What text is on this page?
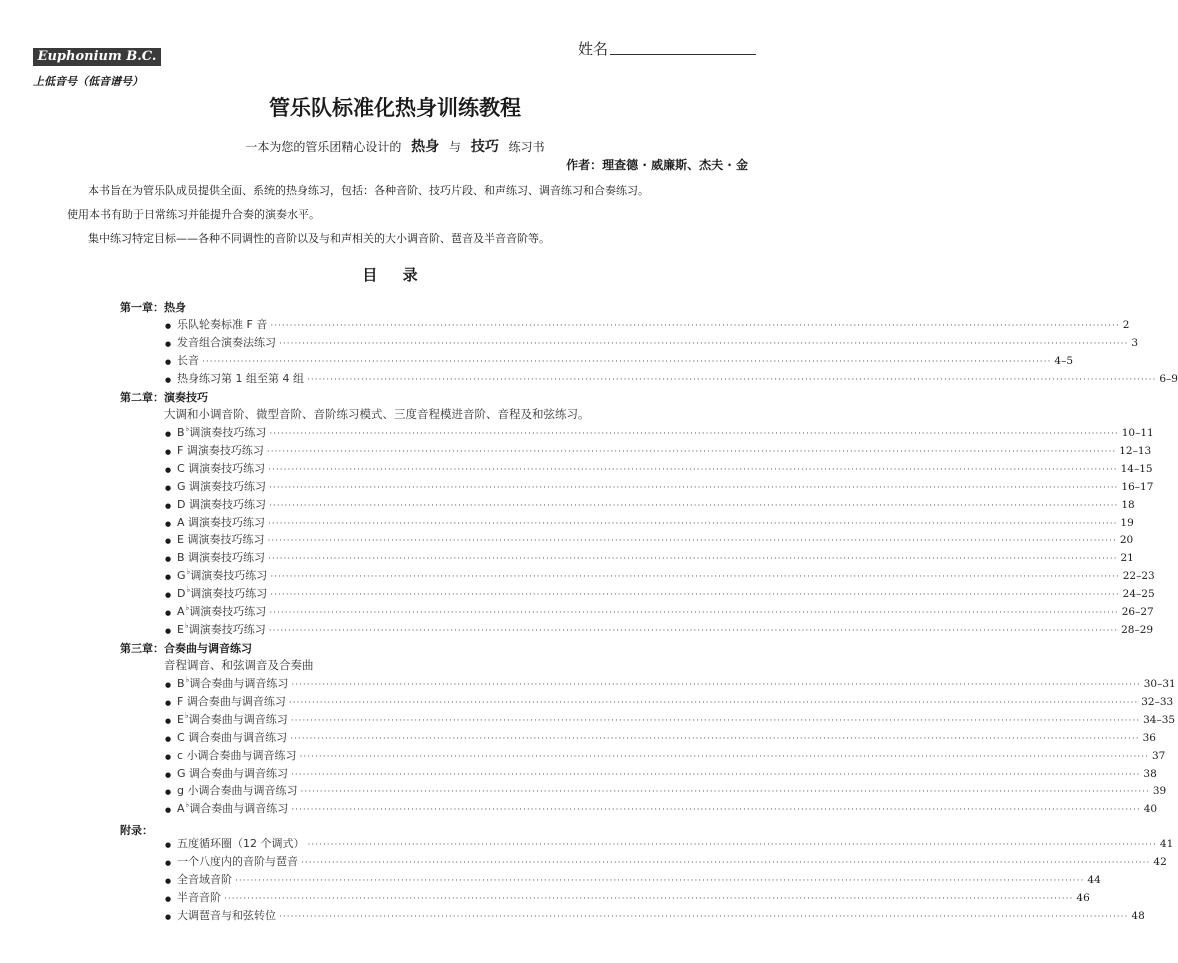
姓名
Euphonium B.C.
上低音号（低音谱号）
管乐队标准化热身训练教程
一本为您的管乐团精心设计的 热身 与 技巧 练习书
作者：理查德 · 威廉斯、杰夫 · 金
本书旨在为管乐队成员提供全面、系统的热身练习，包括：各种音阶、技巧片段、和声练习、调音练习和合奏练习。
使用本书有助于日常练习并能提升合奏的演奏水平。
集中练习特定目标——各种不同调性的音阶以及与和声相关的大小调音阶、琶音及半音音阶等。
目 录
第一章：热身
● 乐队轮奏标准 F 音 ···························································································································································································································· 2
● 发音组合演奏法练习 ···························································································································································································································· 3
● 长音 ···························································································································································································································· 4–5
● 热身练习第 1 组至第 4 组 ···························································································································································································································· 6–9
第二章：演奏技巧
大调和小调音阶、微型音阶、音阶练习模式、三度音程模进音阶、音程及和弦练习。
● B♭调演奏技巧练习 ···························································································································································································································· 10–11
● F 调演奏技巧练习 ···························································································································································································································· 12–13
● C 调演奏技巧练习 ···························································································································································································································· 14–15
● G 调演奏技巧练习 ···························································································································································································································· 16–17
● D 调演奏技巧练习 ···························································································································································································································· 18
● A 调演奏技巧练习 ···························································································································································································································· 19
● E 调演奏技巧练习 ···························································································································································································································· 20
● B 调演奏技巧练习 ···························································································································································································································· 21
● G♭调演奏技巧练习 ···························································································································································································································· 22–23
● D♭调演奏技巧练习 ···························································································································································································································· 24–25
● A♭调演奏技巧练习 ···························································································································································································································· 26–27
● E♭调演奏技巧练习 ···························································································································································································································· 28–29
第三章：合奏曲与调音练习
音程调音、和弦调音及合奏曲
● B♭调合奏曲与调音练习 ···························································································································································································································· 30–31
● F 调合奏曲与调音练习 ···························································································································································································································· 32–33
● E♭调合奏曲与调音练习 ···························································································································································································································· 34–35
● C 调合奏曲与调音练习 ···························································································································································································································· 36
● c 小调合奏曲与调音练习 ···························································································································································································································· 37
● G 调合奏曲与调音练习 ···························································································································································································································· 38
● g 小调合奏曲与调音练习 ···························································································································································································································· 39
● A♭调合奏曲与调音练习 ···························································································································································································································· 40
附录：
● 五度循环圈（12 个调式） ···························································································································································································································· 41
● 一个八度内的音阶与琶音 ···························································································································································································································· 42
● 全音域音阶 ···························································································································································································································· 44
● 半音音阶 ···························································································································································································································· 46
● 大调琶音与和弦转位 ···························································································································································································································· 48
